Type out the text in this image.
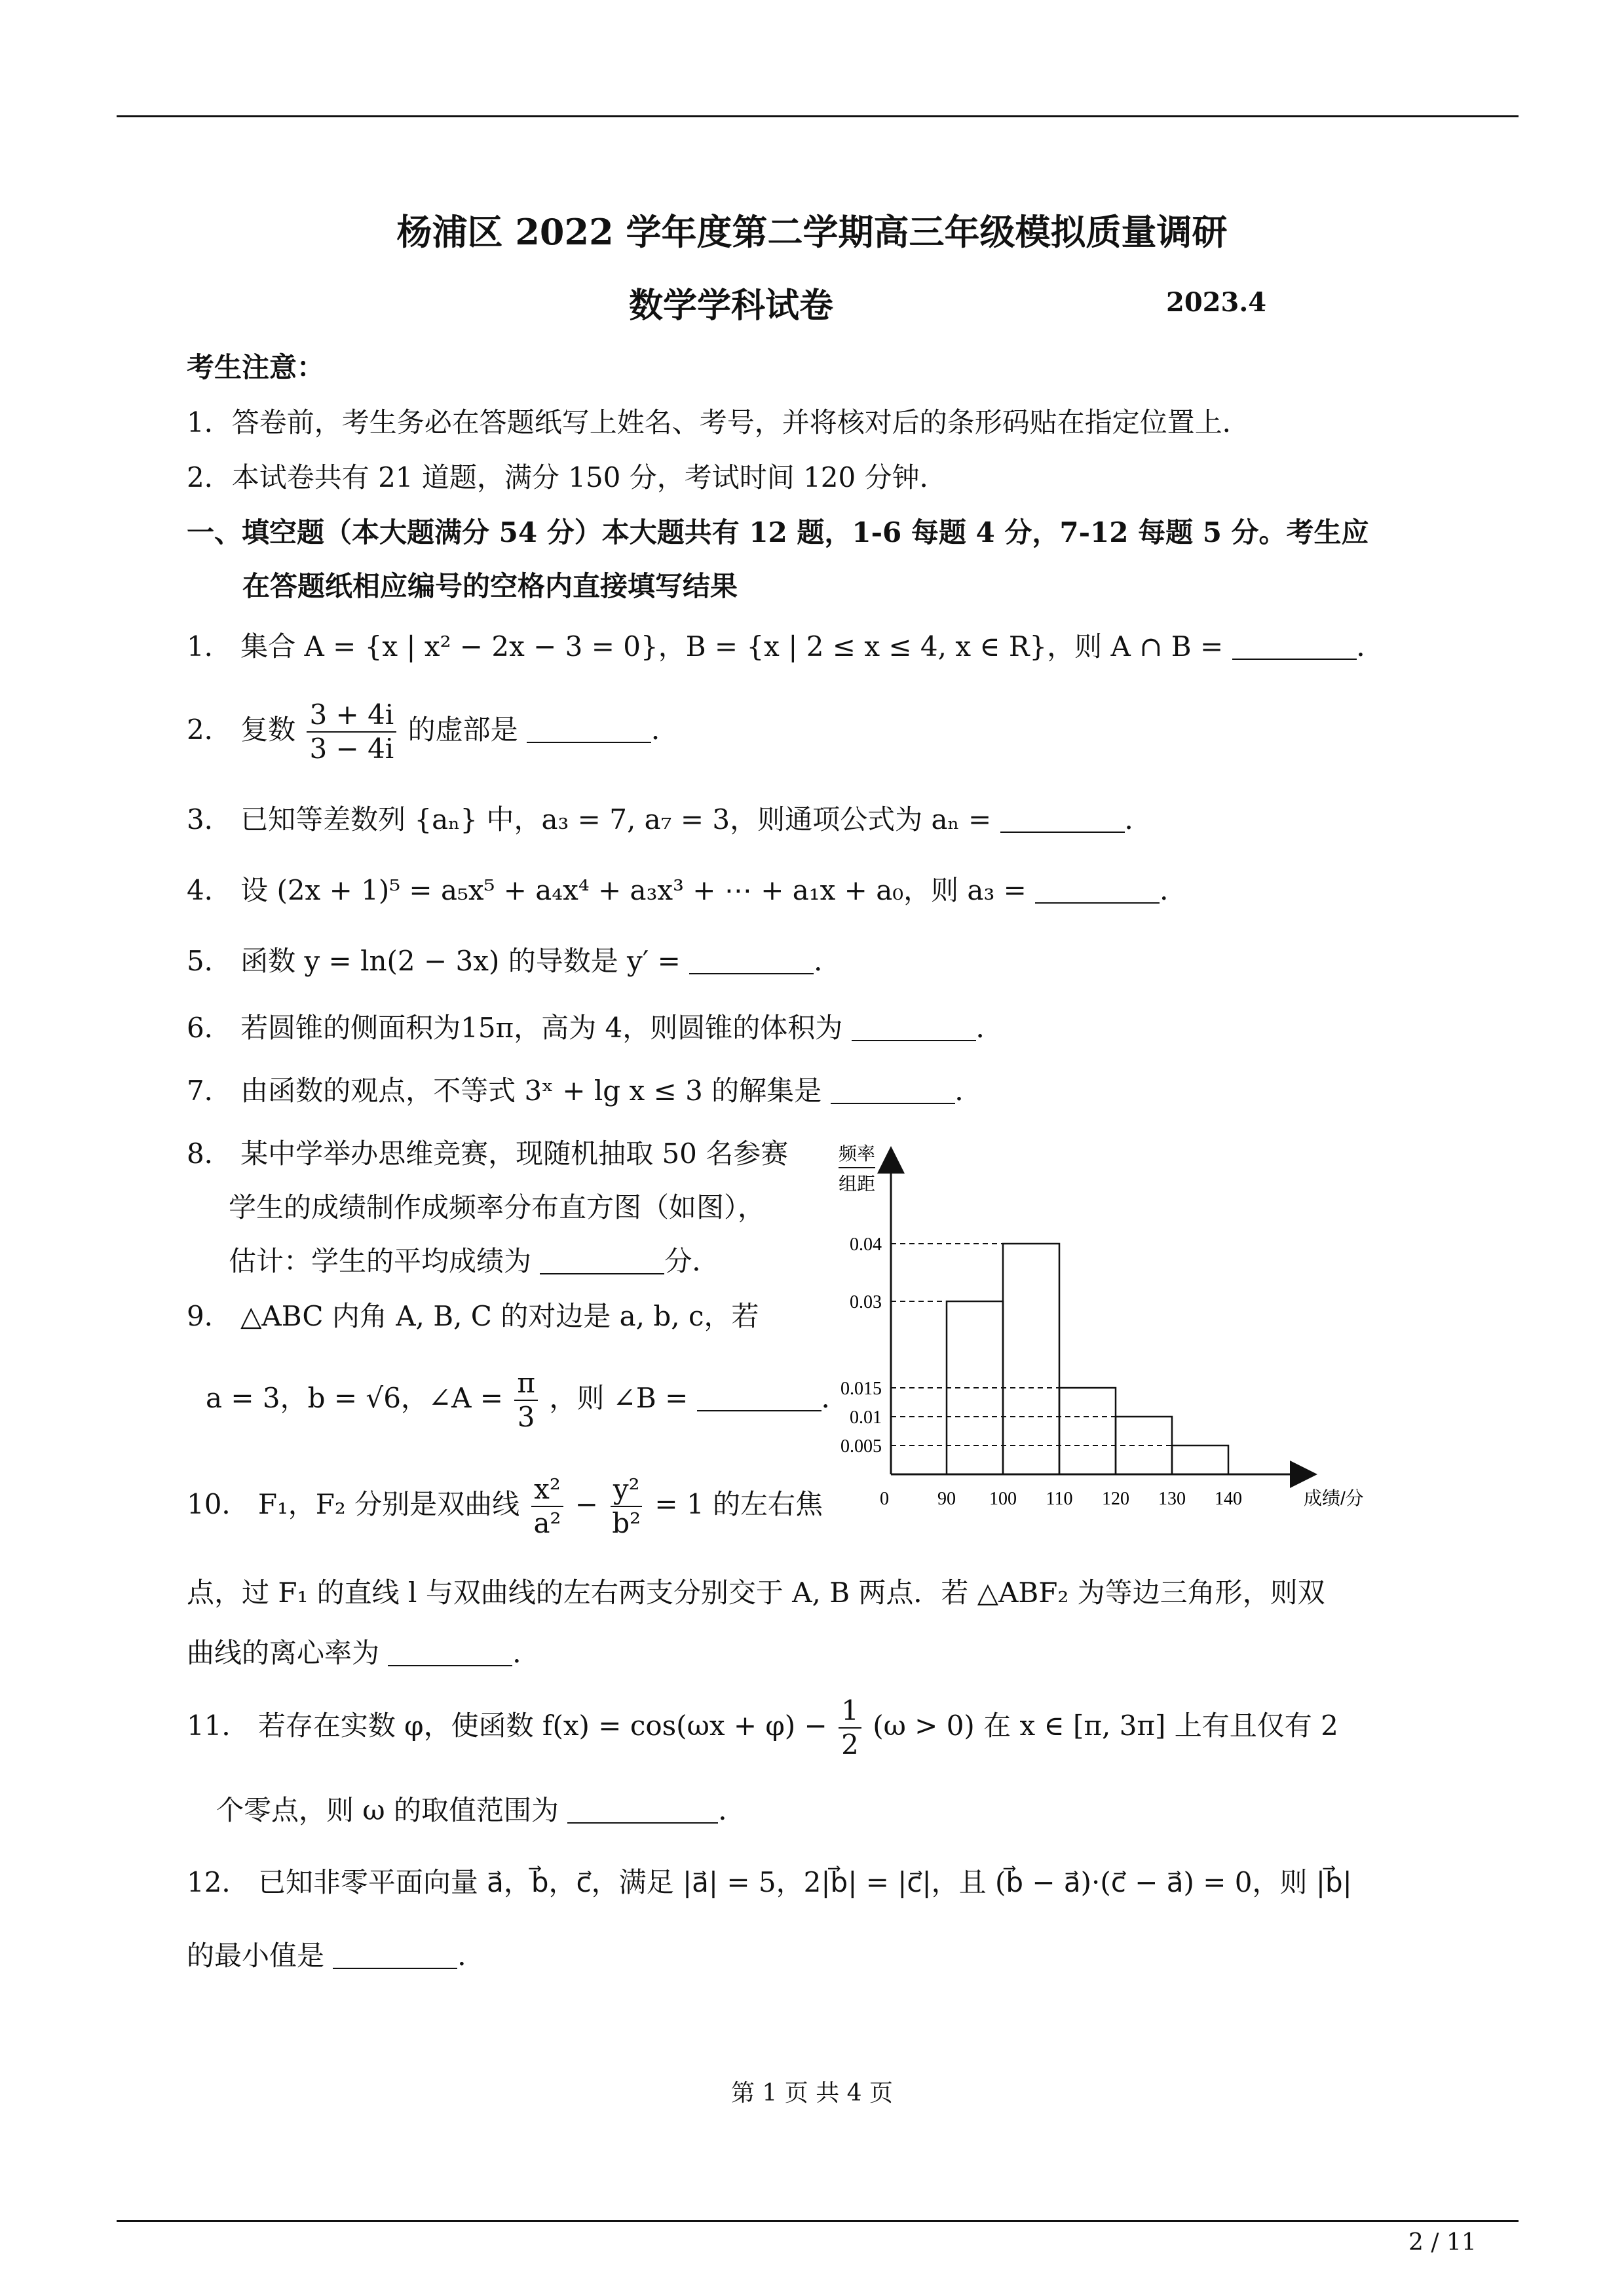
杨浦区 2022 学年度第二学期高三年级模拟质量调研
数学学科试卷	2023.4
考生注意：
1．答卷前，考生务必在答题纸写上姓名、考号，并将核对后的条形码贴在指定位置上．
2．本试卷共有 21 道题，满分 150 分，考试时间 120 分钟．
一、填空题（本大题满分 54 分）本大题共有 12 题，1-6 每题 4 分，7-12 每题 5 分。考生应
在答题纸相应编号的空格内直接填写结果
1． 集合 A = {x | x² − 2x − 3 = 0}，B = {x | 2 ≤ x ≤ 4, x ∈ R}，则 A ∩ B =	．
2． 复数 $\frac{3 + 4i}{3 - 4i}$ 的虚部是	．
3． 已知等差数列 {aₙ} 中，a₃ = 7, a₇ = 3，则通项公式为 aₙ =	．
4． 设 (2x + 1)⁵ = a₅x⁵ + a₄x⁴ + a₃x³ + ⋯ + a₁x + a₀，则 a₃ =	．
5． 函数 y = ln(2 − 3x) 的导数是 y′ =	．
6． 若圆锥的侧面积为15π，高为 4，则圆锥的体积为	．
7． 由函数的观点，不等式 3ˣ + lg x ≤ 3 的解集是	．
8． 某中学举办思维竞赛，现随机抽取 50 名参赛
学生的成绩制作成频率分布直方图（如图），
估计：学生的平均成绩为	分．
9． △ABC 内角 A, B, C 的对边是 a, b, c，若
a = 3，b = √6，∠A = $\frac{\pi}{3}$ ，则 ∠B =	．
10． F₁，F₂ 分别是双曲线 $\frac{\text{x²}}{\text{a²}} - \frac{\text{y²}}{\text{b²}} = 1$ 的左右焦
点，过 F₁ 的直线 l 与双曲线的左右两支分别交于 A, B 两点．若 △ABF₂ 为等边三角形，则双
曲线的离心率为	．
11． 若存在实数 φ，使函数 $f(x) = \cos(\omega x + \varphi) - \frac{1}{2} (\omega > 0)$ 在 x ∈ [π, 3π] 上有且仅有 2
个零点，则 ω 的取值范围为	．
12． 已知非零平面向量 a⃗，b⃗，c⃗，满足 |a⃗| = 5，2|b⃗| = |c⃗|，且 (b⃗ − a⃗)·(c⃗ − a⃗) = 0，则 |b⃗|
的最小值是	．
频率
组距
成绩/分
0	90 100 110 120 130 140
0.04
0.03
0.015
0.01
0.005
第 1 页 共 4 页
2 / 11
